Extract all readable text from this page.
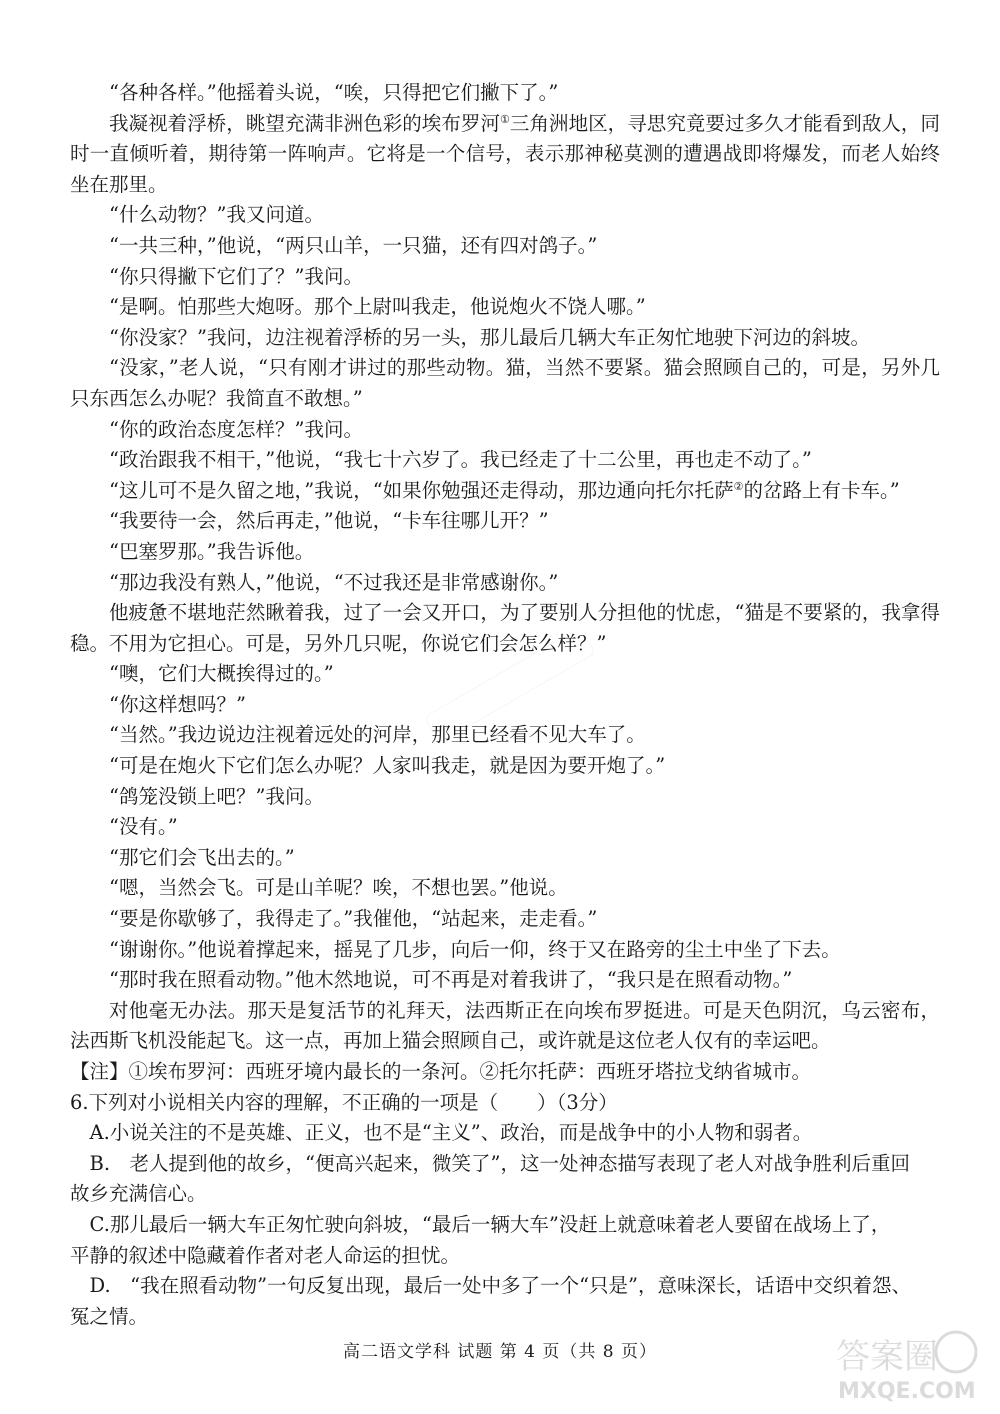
“各种各样。”他摇着头说，“唉，只得把它们撇下了。”

我凝视着浮桥，眺望充满非洲色彩的埃布罗河①三角洲地区，寻思究竟要过多久才能看到敌人，同时一直倾听着，期待第一阵响声。它将是一个信号，表示那神秘莫测的遭遇战即将爆发，而老人始终坐在那里。

“什么动物？”我又问道。

“一共三种，”他说，“两只山羊，一只猫，还有四对鸽子。”

“你只得撇下它们了？”我问。

“是啊。怕那些大炮呀。那个上尉叫我走，他说炮火不饶人哪。”

“你没家？”我问，边注视着浮桥的另一头，那儿最后几辆大车正匆忙地驶下河边的斜坡。

“没家，”老人说，“只有刚才讲过的那些动物。猫，当然不要紧。猫会照顾自己的，可是，另外几只东西怎么办呢？我简直不敢想。”

“你的政治态度怎样？”我问。

“政治跟我不相干，”他说，“我七十六岁了。我已经走了十二公里，再也走不动了。”

“这儿可不是久留之地，”我说，“如果你勉强还走得动，那边通向托尔托萨②的岔路上有卡车。”

“我要待一会，然后再走，”他说，“卡车往哪儿开？”

“巴塞罗那。”我告诉他。

“那边我没有熟人，”他说，“不过我还是非常感谢你。”

他疲惫不堪地茫然瞅着我，过了一会又开口，为了要别人分担他的忧虑，“猫是不要紧的，我拿得稳。不用为它担心。可是，另外几只呢，你说它们会怎么样？”

“噢，它们大概挨得过的。”

“你这样想吗？”

“当然。”我边说边注视着远处的河岸，那里已经看不见大车了。

“可是在炮火下它们怎么办呢？人家叫我走，就是因为要开炮了。”

“鸽笼没锁上吧？”我问。

“没有。”

“那它们会飞出去的。”

“嗯，当然会飞。可是山羊呢？唉，不想也罢。”他说。

“要是你歇够了，我得走了。”我催他，“站起来，走走看。”

“谢谢你。”他说着撑起来，摇晃了几步，向后一仰，终于又在路旁的尘土中坐了下去。

“那时我在照看动物。”他木然地说，可不再是对着我讲了，“我只是在照看动物。”

对他毫无办法。那天是复活节的礼拜天，法西斯正在向埃布罗挺进。可是天色阴沉，乌云密布，法西斯飞机没能起飞。这一点，再加上猫会照顾自己，或许就是这位老人仅有的幸运吧。

【注】①埃布罗河：西班牙境内最长的一条河。②托尔托萨：西班牙塔拉戈纳省城市。

6.下列对小说相关内容的理解，不正确的一项是（　　）（3分）

A.小说关注的不是英雄、正义，也不是“主义”、政治，而是战争中的小人物和弱者。

B.　老人提到他的故乡，“便高兴起来，微笑了”，这一处神态描写表现了老人对战争胜利后重回

故乡充满信心。

C.那儿最后一辆大车正匆忙驶向斜坡，“最后一辆大车”没赶上就意味着老人要留在战场上了，

平静的叙述中隐藏着作者对老人命运的担忧。

D.　“我在照看动物”一句反复出现，最后一处中多了一个“只是”，意味深长，话语中交织着怨、

冤之情。

高二语文学科 试题 第 4 页（共 8 页）	答案圈
MXQE.COM
